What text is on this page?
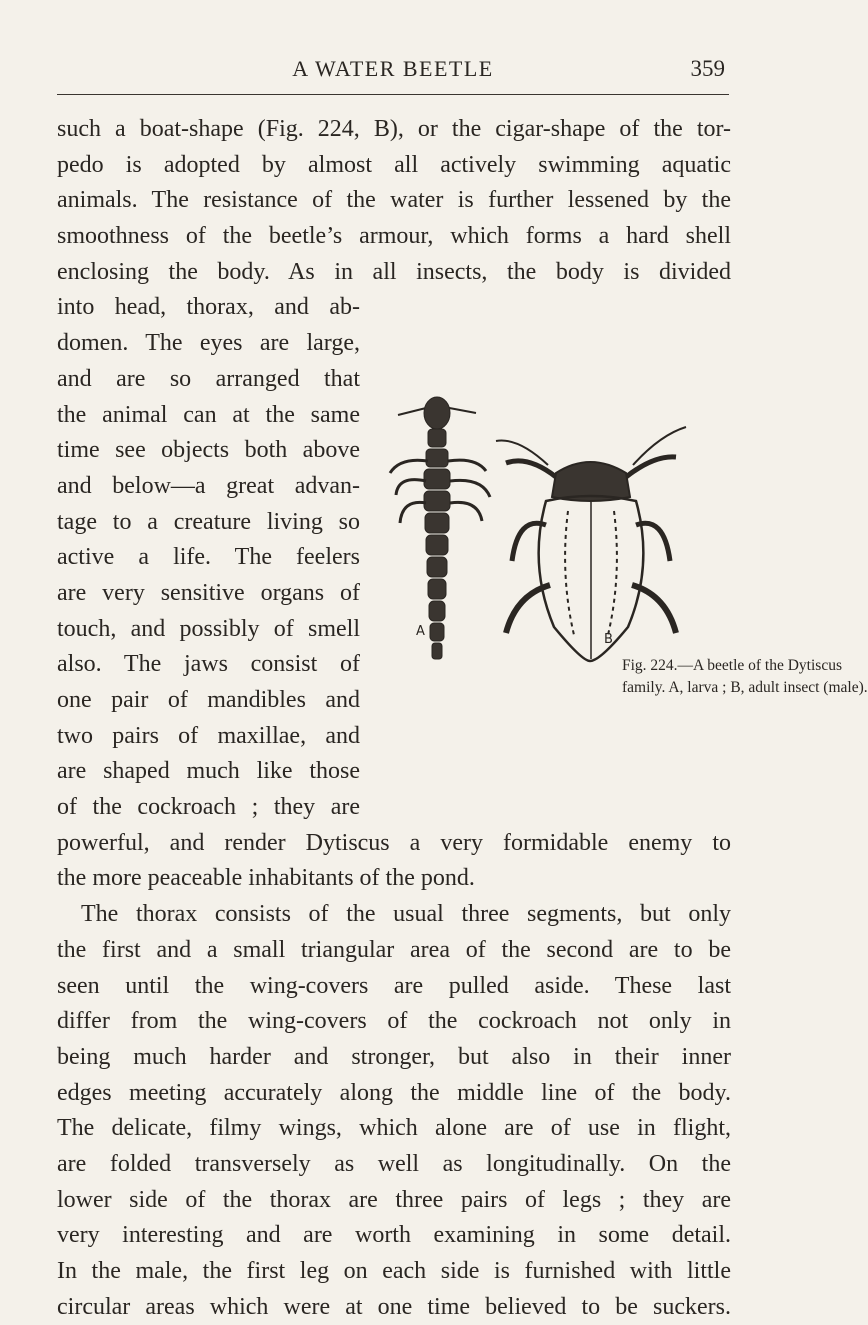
A WATER BEETLE	359
such a boat-shape (Fig. 224, B), or the cigar-shape of the tor-
pedo is adopted by almost all actively swimming aquatic
animals. The resistance of the water is further lessened by the
smoothness of the beetle’s armour, which forms a hard shell
enclosing the body. As in all insects, the body is divided
into head, thorax, and ab-
domen. The eyes are large,
and are so arranged that
the animal can at the same
time see objects both above
and below—a great advan-
tage to a creature living so
active a life. The feelers
are very sensitive organs of
touch, and possibly of smell
also. The jaws consist of
one pair of mandibles and
two pairs of maxillae, and
are shaped much like those
of the cockroach ; they are
powerful, and render Dytiscus a very formidable enemy to
the more peaceable inhabitants of the pond.
The thorax consists of the usual three segments, but only
the first and a small triangular area of the second are to be
seen until the wing-covers are pulled aside. These last
differ from the wing-covers of the cockroach not only in
being much harder and stronger, but also in their inner
edges meeting accurately along the middle line of the body.
The delicate, filmy wings, which alone are of use in flight,
are folded transversely as well as longitudinally. On the
lower side of the thorax are three pairs of legs ; they are
very interesting and are worth examining in some detail.
In the male, the first leg on each side is furnished with little
circular areas which were at one time believed to be suckers.
A
B
Fig. 224.—A beetle of the Dytiscus
family. A, larva ; B, adult insect (male).
